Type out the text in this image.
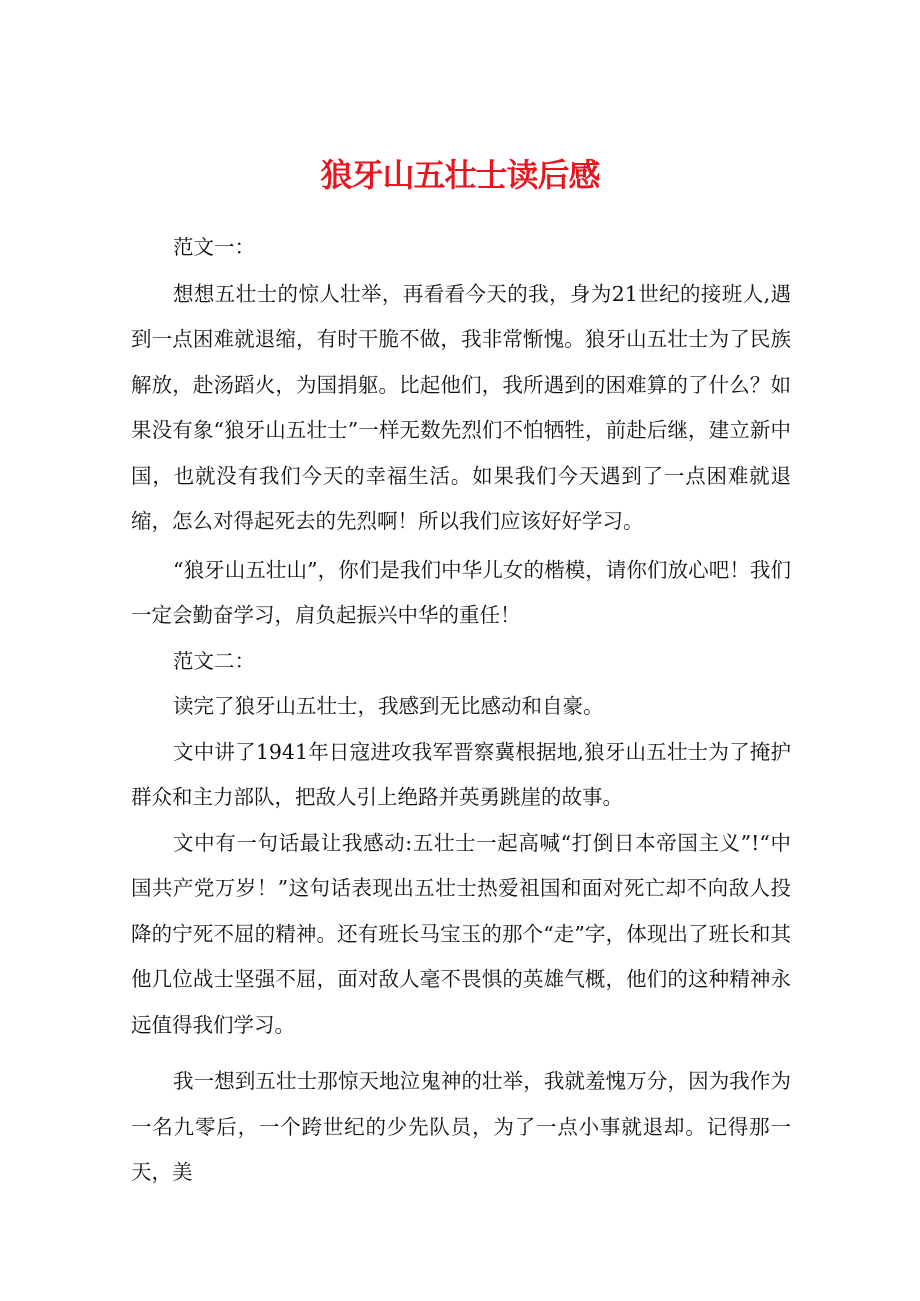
狼牙山五壮士读后感

范文一：

想想五壮士的惊人壮举，再看看今天的我，身为21世纪的接班人,遇到一点困难就退缩，有时干脆不做，我非常惭愧。狼牙山五壮士为了民族解放，赴汤蹈火，为国捐躯。比起他们，我所遇到的困难算的了什么？如果没有象“狼牙山五壮士”一样无数先烈们不怕牺牲，前赴后继，建立新中国，也就没有我们今天的幸福生活。如果我们今天遇到了一点困难就退缩，怎么对得起死去的先烈啊！所以我们应该好好学习。

“狼牙山五壮山”，你们是我们中华儿女的楷模，请你们放心吧！我们一定会勤奋学习，肩负起振兴中华的重任！

范文二：

读完了狼牙山五壮士，我感到无比感动和自豪。

文中讲了1941年日寇进攻我军晋察冀根据地,狼牙山五壮士为了掩护群众和主力部队，把敌人引上绝路并英勇跳崖的故事。

文中有一句话最让我感动:五壮士一起高喊“打倒日本帝国主义”!“中国共产党万岁！”这句话表现出五壮士热爱祖国和面对死亡却不向敌人投降的宁死不屈的精神。还有班长马宝玉的那个“走”字，体现出了班长和其他几位战士坚强不屈，面对敌人毫不畏惧的英雄气概，他们的这种精神永远值得我们学习。

我一想到五壮士那惊天地泣鬼神的壮举，我就羞愧万分，因为我作为一名九零后，一个跨世纪的少先队员，为了一点小事就退却。记得那一天，美
